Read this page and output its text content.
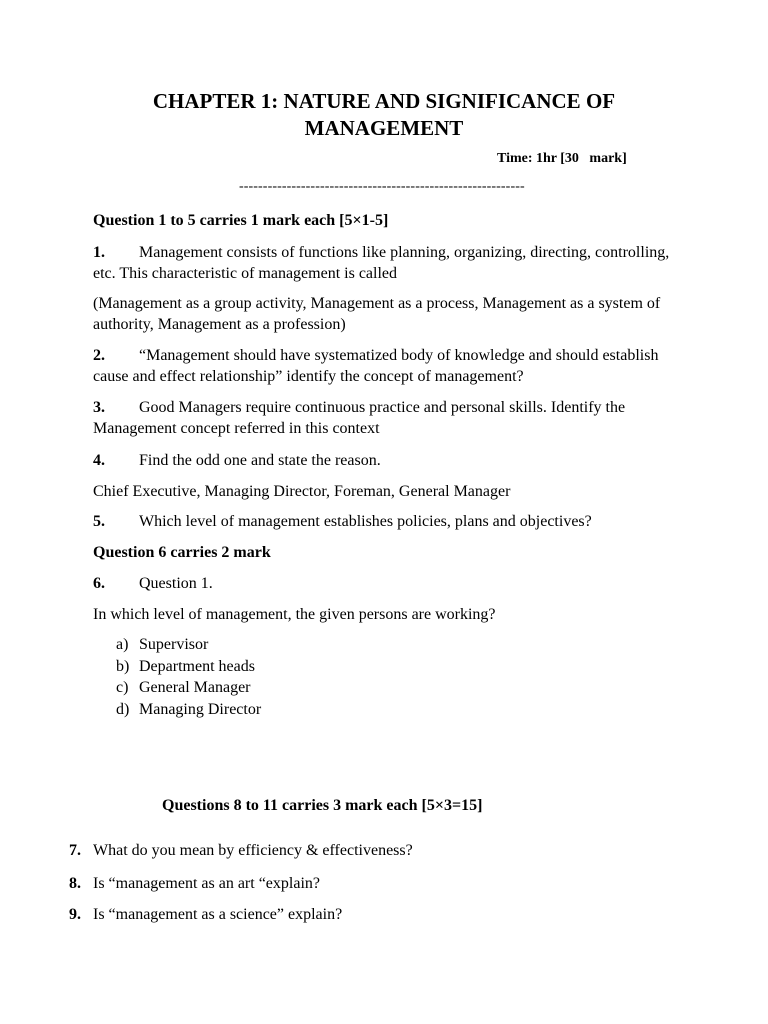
CHAPTER 1: NATURE AND SIGNIFICANCE OF
MANAGEMENT
Time: 1hr [30   mark]
------------------------------------------------------------
Question 1 to 5 carries 1 mark each [5×1-5]
1. Management consists of functions like planning, organizing, directing, controlling, etc. This characteristic of management is called
(Management as a group activity, Management as a process, Management as a system of authority, Management as a profession)
2. “Management should have systematized body of knowledge and should establish cause and effect relationship” identify the concept of management?
3. Good Managers require continuous practice and personal skills. Identify the Management concept referred in this context
4. Find the odd one and state the reason.
Chief Executive, Managing Director, Foreman, General Manager
5. Which level of management establishes policies, plans and objectives?
Question 6 carries 2 mark
6. Question 1.
In which level of management, the given persons are working?
a) Supervisor
b) Department heads
c) General Manager
d) Managing Director
Questions 8 to 11 carries 3 mark each [5×3=15]
7. What do you mean by efficiency & effectiveness?
8. Is “management as an art “explain?
9. Is “management as a science” explain?
